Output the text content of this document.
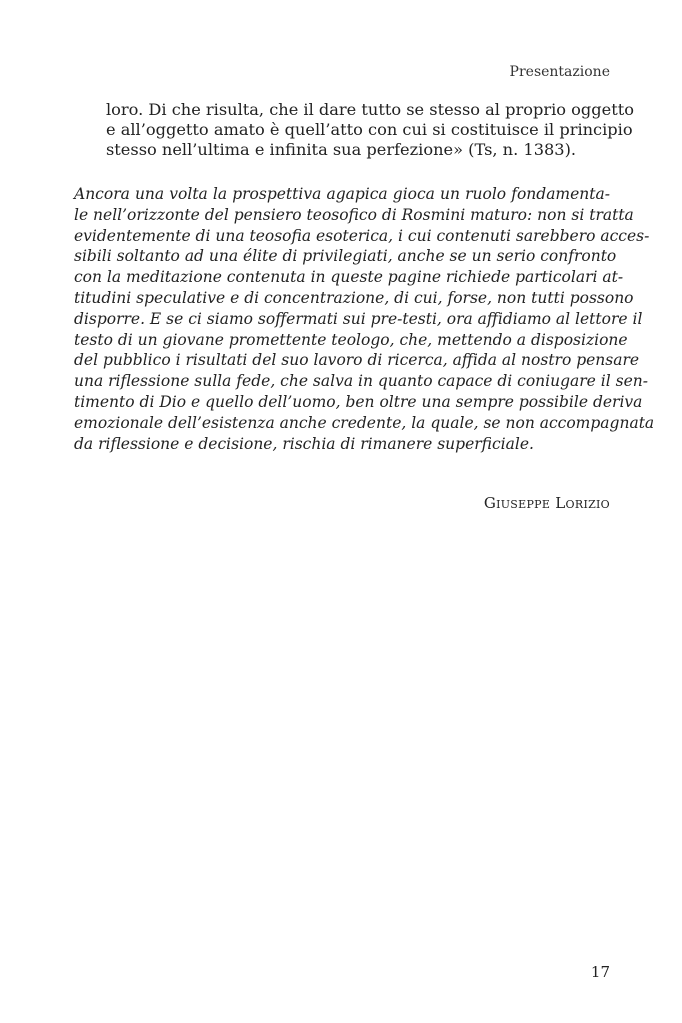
Presentazione

loro. Di che risulta, che il dare tutto se stesso al proprio oggetto
e all’oggetto amato è quell’atto con cui si costituisce il principio
stesso nell’ultima e infinita sua perfezione» (Ts, n. 1383).

Ancora una volta la prospettiva agapica gioca un ruolo fondamenta-
le nell’orizzonte del pensiero teosofico di Rosmini maturo: non si tratta
evidentemente di una teosofia esoterica, i cui contenuti sarebbero acces-
sibili soltanto ad una élite di privilegiati, anche se un serio confronto
con la meditazione contenuta in queste pagine richiede particolari at-
titudini speculative e di concentrazione, di cui, forse, non tutti possono
disporre. E se ci siamo soffermati sui pre-testi, ora affidiamo al lettore il
testo di un giovane promettente teologo, che, mettendo a disposizione
del pubblico i risultati del suo lavoro di ricerca, affida al nostro pensare
una riflessione sulla fede, che salva in quanto capace di coniugare il sen-
timento di Dio e quello dell’uomo, ben oltre una sempre possibile deriva
emozionale dell’esistenza anche credente, la quale, se non accompagnata
da riflessione e decisione, rischia di rimanere superficiale.

Giuseppe Lorizio
17
